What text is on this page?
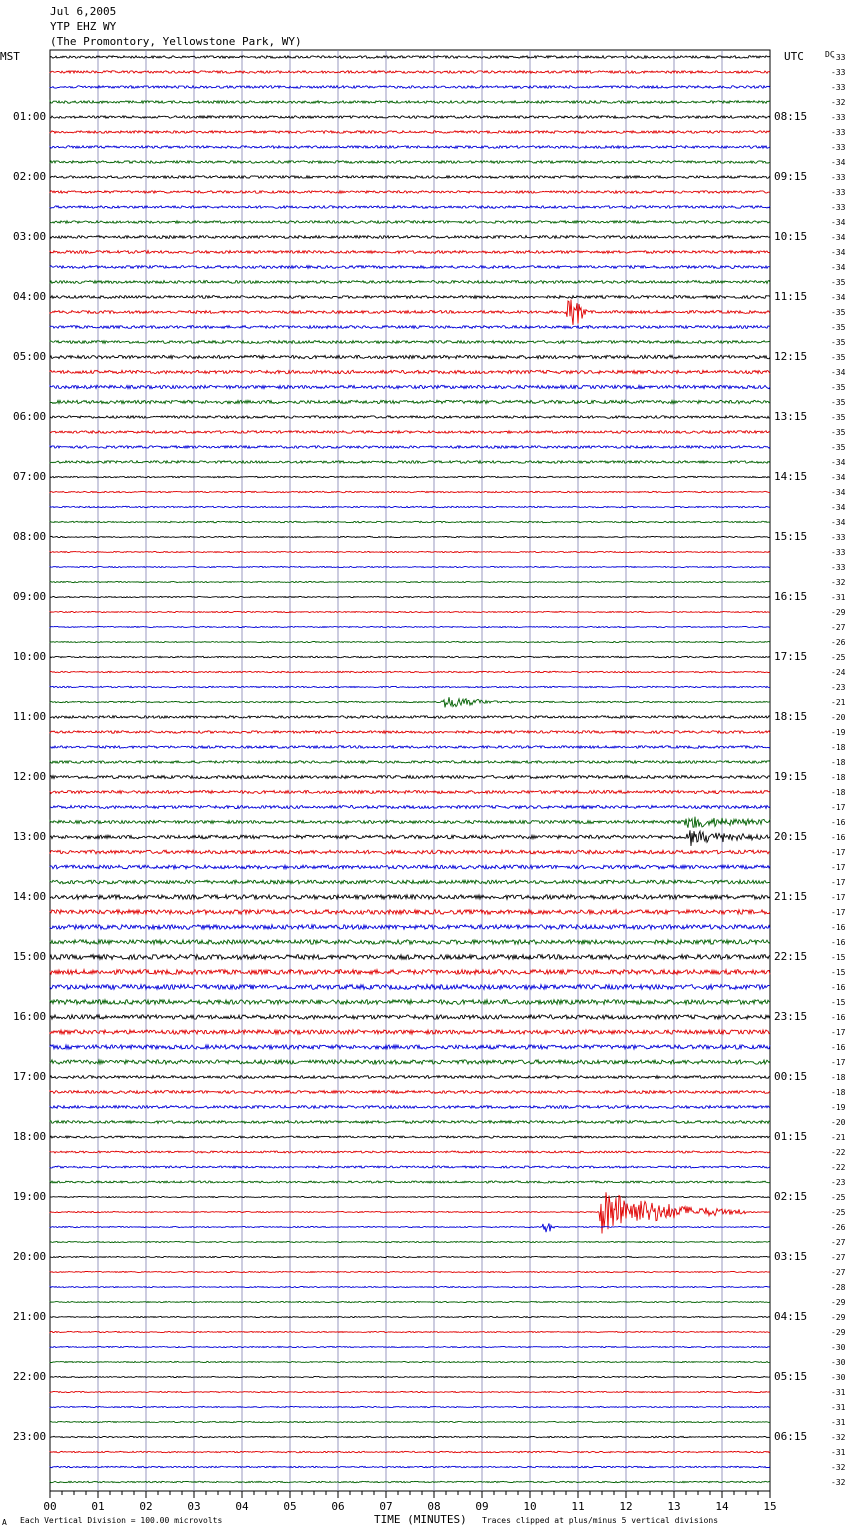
00	01	02	03	04	05	06	07	08	09	10	11	12	13	14	15
Jul 6,2005
YTP EHZ WY
(The Promontory, Yellowstone Park, WY)
MST	UTC	DC
01:00
02:00
03:00
04:00
05:00
06:00
07:00
08:00
09:00
10:00
11:00
12:00
13:00
14:00
15:00
16:00
17:00
18:00
19:00
20:00
21:00
22:00
23:00
08:15
09:15
10:15
11:15
12:15
13:15
14:15
15:15
16:15
17:15
18:15
19:15
20:15
21:15
22:15
23:15
00:15
01:15
02:15
03:15
04:15
05:15
06:15
-33
-33
-33
-32
-33
-33
-33
-34
-33
-33
-33
-34
-34
-34
-34
-35
-34
-35
-35
-35
-35
-34
-35
-35
-35
-35
-35
-34
-34
-34
-34
-34
-33
-33
-33
-32
-31
-29
-27
-26
-25
-24
-23
-21
-20
-19
-18
-18
-18
-18
-17
-16
-16
-17
-17
-17
-17
-17
-16
-16
-15
-15
-16
-15
-16
-17
-16
-17
-18
-18
-19
-20
-21
-22
-22
-23
-25
-25
-26
-27
-27
-27
-28
-29
-29
-29
-30
-30
-30
-31
-31
-31
-32
-31
-32
-32
A Each Vertical Division = 100.00 microvolts	TIME (MINUTES) Traces clipped at plus/minus 5 vertical divisions
